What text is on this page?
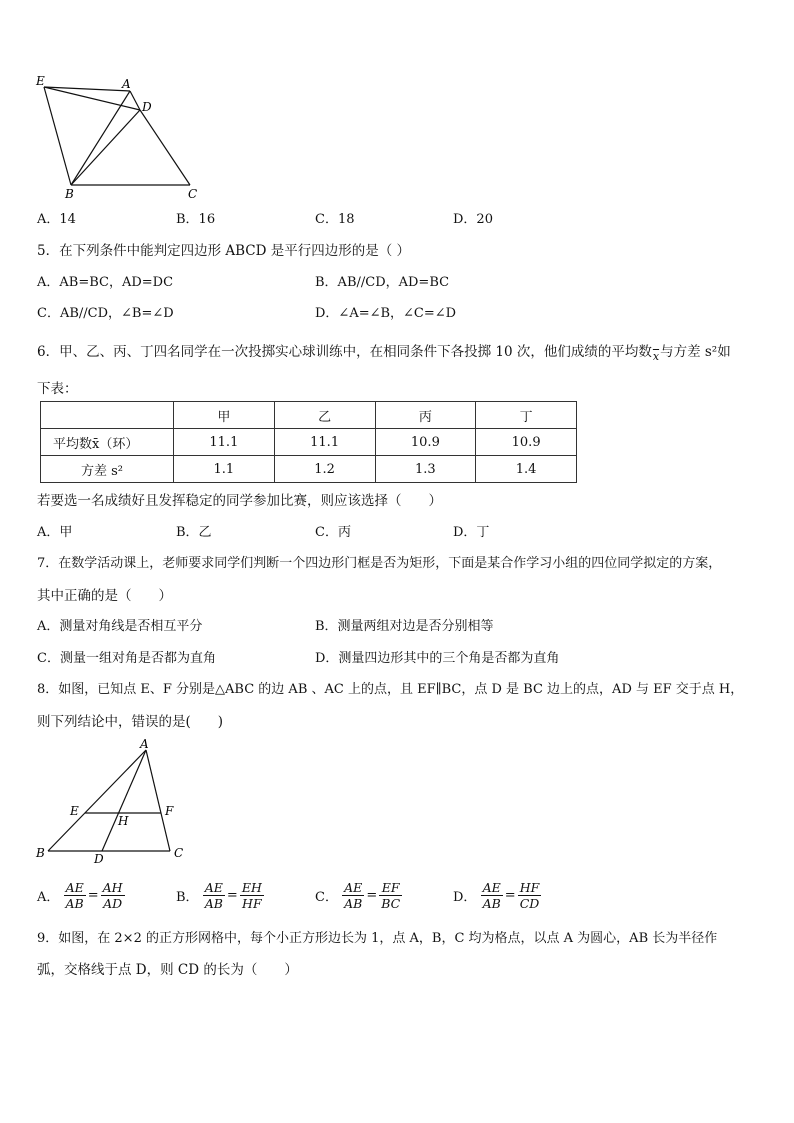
E	A
D
B	C
A．14	B．16	C．18	D．20
5．在下列条件中能判定四边形 ABCD 是平行四边形的是（ ）
A．AB=BC，AD=DC	B．AB//CD，AD=BC
C．AB//CD，∠B=∠D	D．∠A=∠B，∠C=∠D
6．甲、乙、丙、丁四名同学在一次投掷实心球训练中，在相同条件下各投掷 10 次，他们成绩的平均数$\overline{x}$与方差 s²如
下表：
	甲	乙	丙	丁
平均数x̄（环）	11.1	11.1	10.9	10.9
方差 s²	1.1	1.2	1.3	1.4
若要选一名成绩好且发挥稳定的同学参加比赛，则应该选择（　　）
A．甲	B．乙	C．丙	D．丁
7．在数学活动课上，老师要求同学们判断一个四边形门框是否为矩形，下面是某合作学习小组的四位同学拟定的方案，
其中正确的是（　　）
A．测量对角线是否相互平分	B．测量两组对边是否分别相等
C．测量一组对角是否都为直角	D．测量四边形其中的三个角是否都为直角
8．如图，已知点 E、F 分别是△ABC 的边 AB 、AC 上的点，且 EF∥BC，点 D 是 BC 边上的点，AD 与 EF 交于点 H，
则下列结论中，错误的是(　　)
A
E	F
H
B	D	C
A． $\frac{AE}{AB} = \frac{AH}{AD}$	B． $\frac{AE}{AB} = \frac{EH}{HF}$	C． $\frac{AE}{AB} = \frac{EF}{BC}$	D． $\frac{AE}{AB} = \frac{HF}{CD}$
9．如图，在 2×2 的正方形网格中，每个小正方形边长为 1，点 A，B，C 均为格点，以点 A 为圆心，AB 长为半径作
弧，交格线于点 D，则 CD 的长为（　　）
